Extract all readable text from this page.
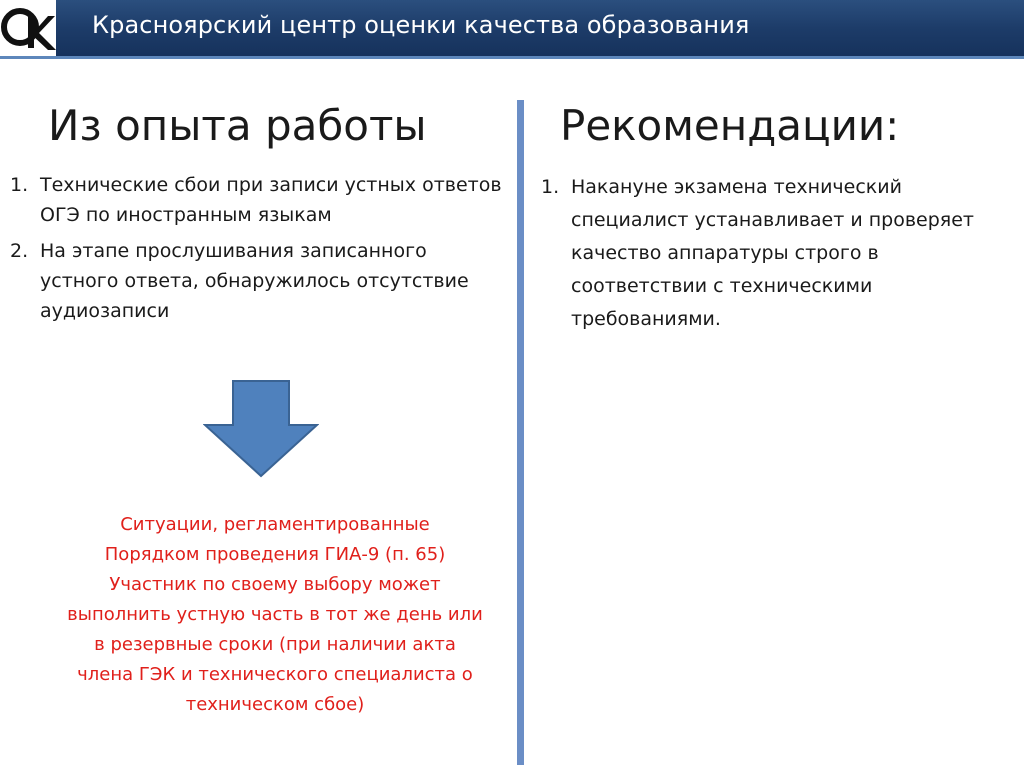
Красноярский центр оценки качества образования
Из опыта работы	Рекомендации:
1. Технические сбои при записи устных ответов ОГЭ по иностранным языкам
2. На этапе прослушивания записанного устного ответа, обнаружилось отсутствие аудиозаписи
Ситуации, регламентированные
Порядком проведения ГИА-9 (п. 65)
Участник по своему выбору может
выполнить устную часть в тот же день или
в резервные сроки (при наличии акта
члена ГЭК и технического специалиста о
техническом сбое)
1. Накануне экзамена технический специалист устанавливает и проверяет качество аппаратуры строго в соответствии с техническими требованиями.
